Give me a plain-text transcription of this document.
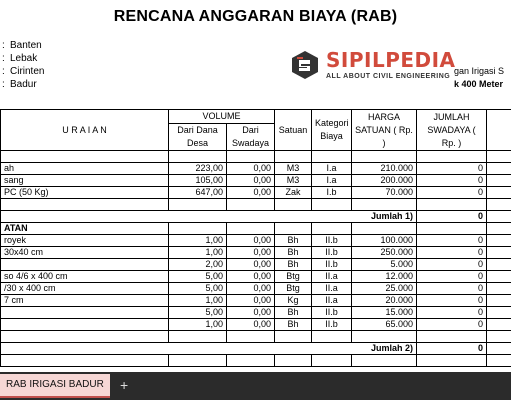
RENCANA ANGGARAN BIAYA (RAB)
: Banten
: Lebak
: Cirinten
: Badur
gan Irigasi S
k 400 Meter
SIPILPEDIA
ALL ABOUT CIVIL ENGINEERING
U R A I A N	VOLUME		Satuan	Kategori Biaya	HARGA SATUAN ( Rp. )	JUMLAH SWADAYA ( Rp. )	
	Dari Dana Desa	Dari Swadaya					

ah	223,00	0,00	M3	I.a	210.000	0	
sang	105,00	0,00	M3	I.a	200.000	0	
PC (50 Kg)	647,00	0,00	Zak	I.b	70.000	0	

Jumlah 1)						0	
ATAN							
royek	1,00	0,00	Bh	II.b	100.000	0	
30x40 cm	1,00	0,00	Bh	II.b	250.000	0	
	2,00	0,00	Bh	II.b	5.000	0	
so 4/6 x 400 cm	5,00	0,00	Btg	II.a	12.000	0	
/30 x 400 cm	5,00	0,00	Btg	II.a	25.000	0	
7 cm	1,00	0,00	Kg	II.a	20.000	0	
	5,00	0,00	Bh	II.b	15.000	0	
	1,00	0,00	Bh	II.b	65.000	0	

Jumlah 2)						0	

RAB IRIGASI BADUR	+
